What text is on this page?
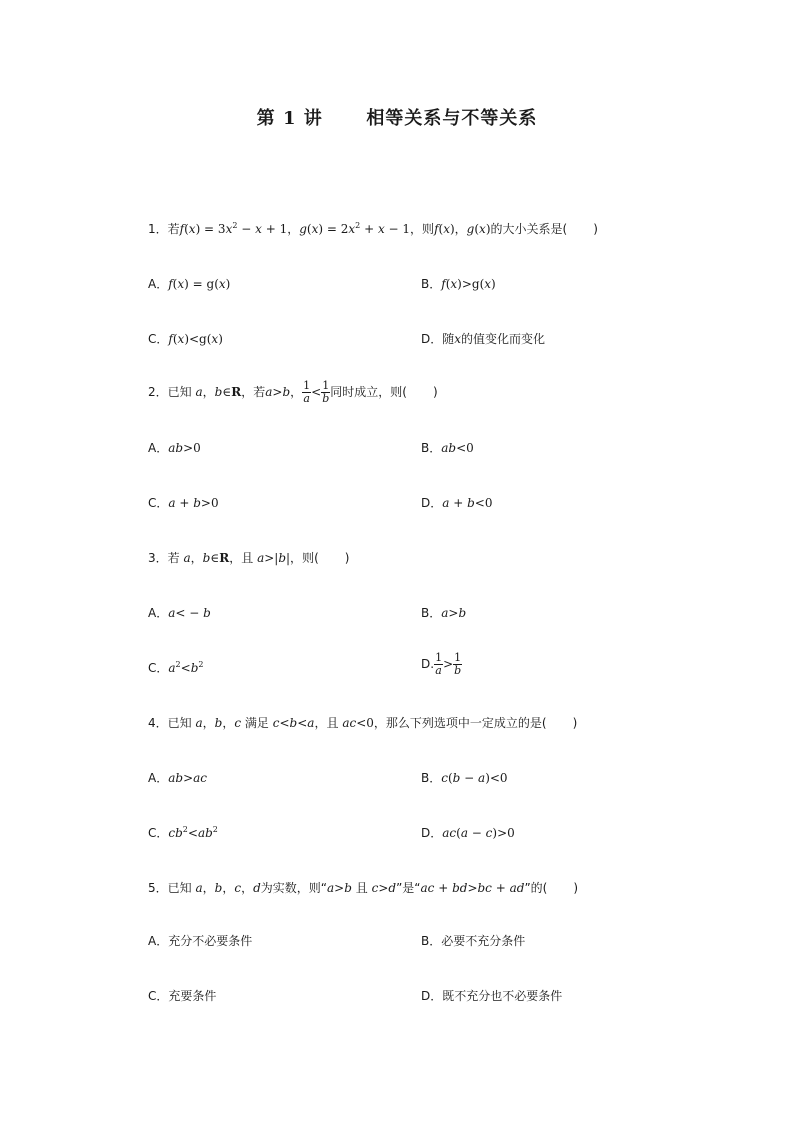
第 1 讲      相等关系与不等关系
1．若$f(x) = 3x^2 - x + 1$，$g(x) = 2x^2 + x - 1$，则f(x)，g(x)的大小关系是( )
A．f(x) = g(x)	B．f(x)>g(x)
C．f(x)<g(x)	D．随x的值变化而变化
2．已知 a，b∈R，若a>b， $\frac{1}{a} < \frac{1}{b}$ 同时成立，则( )
A．ab>0	B．ab<0
C．a + b>0	D．a + b<0
3．若 a，b∈R，且 a>|b|，则( )
A．a< − b	B．a>b
C．$a^2<b^2$	D. $\frac{1}{a} > \frac{1}{b}$
4．已知 a，b，c 满足 c<b<a，且 ac<0，那么下列选项中一定成立的是( )
A．ab>ac	B．c(b − a)<0
C．$cb^2<ab^2$	D．ac(a − c)>0
5．已知 a，b，c，d为实数，则“a>b 且 c>d”是“ac + bd>bc + ad”的( )
A．充分不必要条件	B．必要不充分条件
C．充要条件	D．既不充分也不必要条件
